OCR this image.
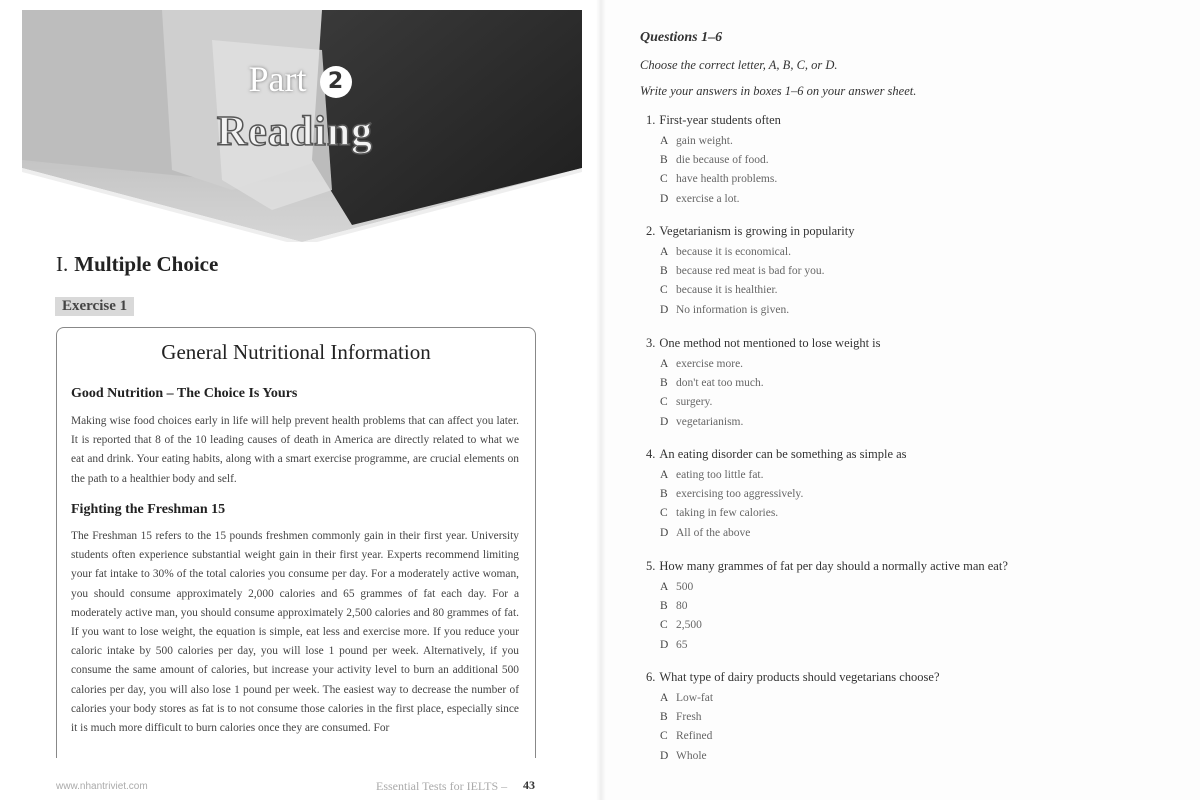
Part 2
Reading
I. Multiple Choice
Exercise 1
General Nutritional Information
Good Nutrition – The Choice Is Yours

Making wise food choices early in life will help prevent health problems that can affect you later. It is reported that 8 of the 10 leading causes of death in America are directly related to what we eat and drink. Your eating habits, along with a smart exercise programme, are crucial elements on the path to a healthier body and self.

Fighting the Freshman 15

The Freshman 15 refers to the 15 pounds freshmen commonly gain in their first year. University students often experience substantial weight gain in their first year. Experts recommend limiting your fat intake to 30% of the total calories you consume per day. For a moderately active woman, you should consume approximately 2,000 calories and 65 grammes of fat each day. For a moderately active man, you should consume approximately 2,500 calories and 80 grammes of fat. If you want to lose weight, the equation is simple, eat less and exercise more. If you reduce your caloric intake by 500 calories per day, you will lose 1 pound per week. Alternatively, if you consume the same amount of calories, but increase your activity level to burn an additional 500 calories per day, you will also lose 1 pound per week. The easiest way to decrease the number of calories your body stores as fat is to not consume those calories in the first place, especially since it is much more difficult to burn calories once they are consumed. For

www.nhantriviet.com	Essential Tests for IELTS – 43
Questions 1–6
Choose the correct letter, A, B, C, or D.
Write your answers in boxes 1–6 on your answer sheet.
1. First-year students often
A gain weight.
B die because of food.
C have health problems.
D exercise a lot.
2. Vegetarianism is growing in popularity
A because it is economical.
B because red meat is bad for you.
C because it is healthier.
D No information is given.
3. One method not mentioned to lose weight is
A exercise more.
B don't eat too much.
C surgery.
D vegetarianism.
4. An eating disorder can be something as simple as
A eating too little fat.
B exercising too aggressively.
C taking in few calories.
D All of the above
5. How many grammes of fat per day should a normally active man eat?
A 500
B 80
C 2,500
D 65
6. What type of dairy products should vegetarians choose?
A Low-fat
B Fresh
C Refined
D Whole
